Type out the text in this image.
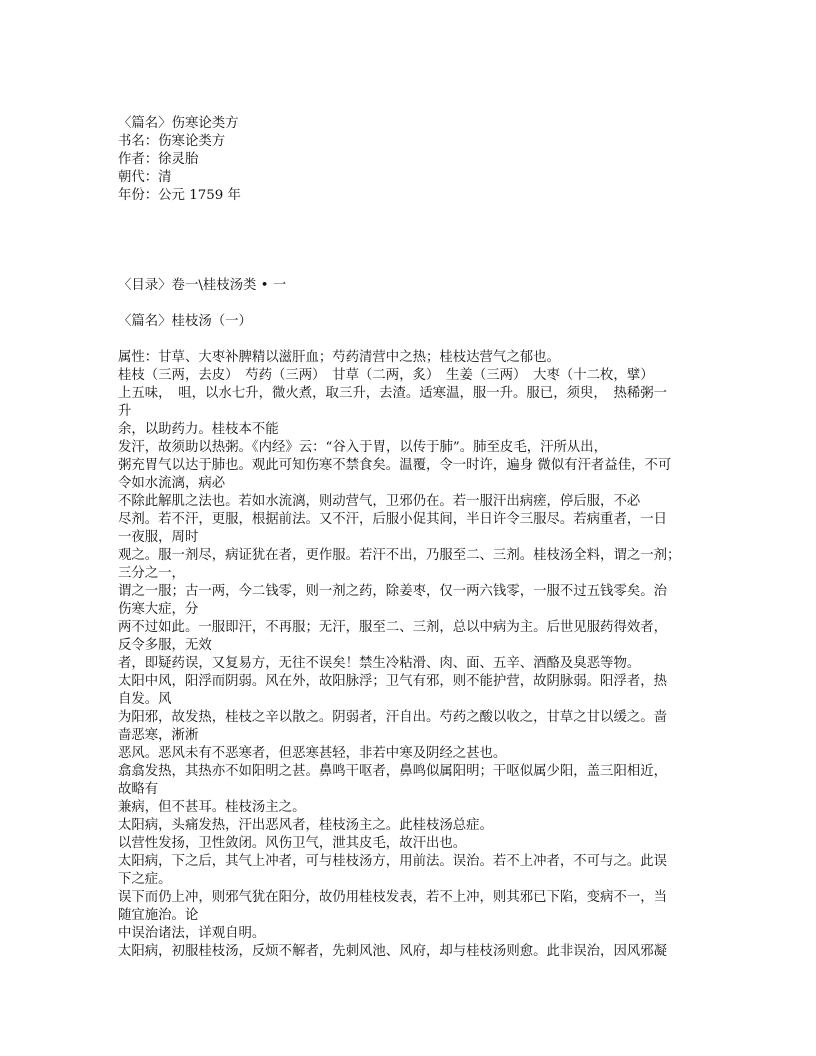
〈篇名〉伤寒论类方
书名：伤寒论类方
作者：徐灵胎
朝代：清
年份：公元 1759 年
〈目录〉卷一\桂枝汤类 • 一
〈篇名〉桂枝汤（一）
属性：甘草、大枣补脾精以滋肝血；芍药清营中之热；桂枝达营气之郁也。
桂枝（三两，去皮）　芍药（三两）　甘草（二两，炙）　生姜（三两）　大枣（十二枚，擘）
上五味，　咀，以水七升，微火煮，取三升，去渣。适寒温，服一升。服已，须臾，　热稀粥一
升
余，以助药力。桂枝本不能
发汗，故须助以热粥。《内经》云：“谷入于胃，以传于肺”。肺至皮毛，汗所从出，
粥充胃气以达于肺也。观此可知伤寒不禁食矣。温覆，令一时许，遍身 微似有汗者益佳，不可
令如水流漓，病必
不除此解肌之法也。若如水流漓，则动营气，卫邪仍在。若一服汗出病瘥，停后服，不必
尽剂。若不汗，更服，根据前法。又不汗，后服小促其间，半日许令三服尽。若病重者，一日
一夜服，周时
观之。服一剂尽，病证犹在者，更作服。若汗不出，乃服至二、三剂。桂枝汤全料，谓之一剂；
三分之一，
谓之一服；古一两，今二钱零，则一剂之药，除姜枣，仅一两六钱零，一服不过五钱零矣。治
伤寒大症，分
两不过如此。一服即汗，不再服；无汗，服至二、三剂，总以中病为主。后世见服药得效者，
反令多服，无效
者，即疑药误，又复易方，无往不误矣！禁生冷粘滑、肉、面、五辛、酒酪及臭恶等物。
太阳中风，阳浮而阴弱。风在外，故阳脉浮；卫气有邪，则不能护营，故阴脉弱。阳浮者，热
自发。风
为阳邪，故发热，桂枝之辛以散之。阴弱者，汗自出。芍药之酸以收之，甘草之甘以缓之。啬
啬恶寒，淅淅
恶风。恶风未有不恶寒者，但恶寒甚轻，非若中寒及阴经之甚也。
翕翕发热，其热亦不如阳明之甚。鼻鸣干呕者，鼻鸣似属阳明；干呕似属少阳，盖三阳相近，
故略有
兼病，但不甚耳。桂枝汤主之。
太阳病，头痛发热，汗出恶风者，桂枝汤主之。此桂枝汤总症。
以营性发扬，卫性敛闭。风伤卫气，泄其皮毛，故汗出也。
太阳病，下之后，其气上冲者，可与桂枝汤方，用前法。误治。若不上冲者，不可与之。此误
下之症。
误下而仍上冲，则邪气犹在阳分，故仍用桂枝发表，若不上冲，则其邪已下陷，变病不一，当
随宜施治。论
中误治诸法，详观自明。
太阳病，初服桂枝汤，反烦不解者，先刺风池、风府，却与桂枝汤则愈。此非误治，因风邪凝
